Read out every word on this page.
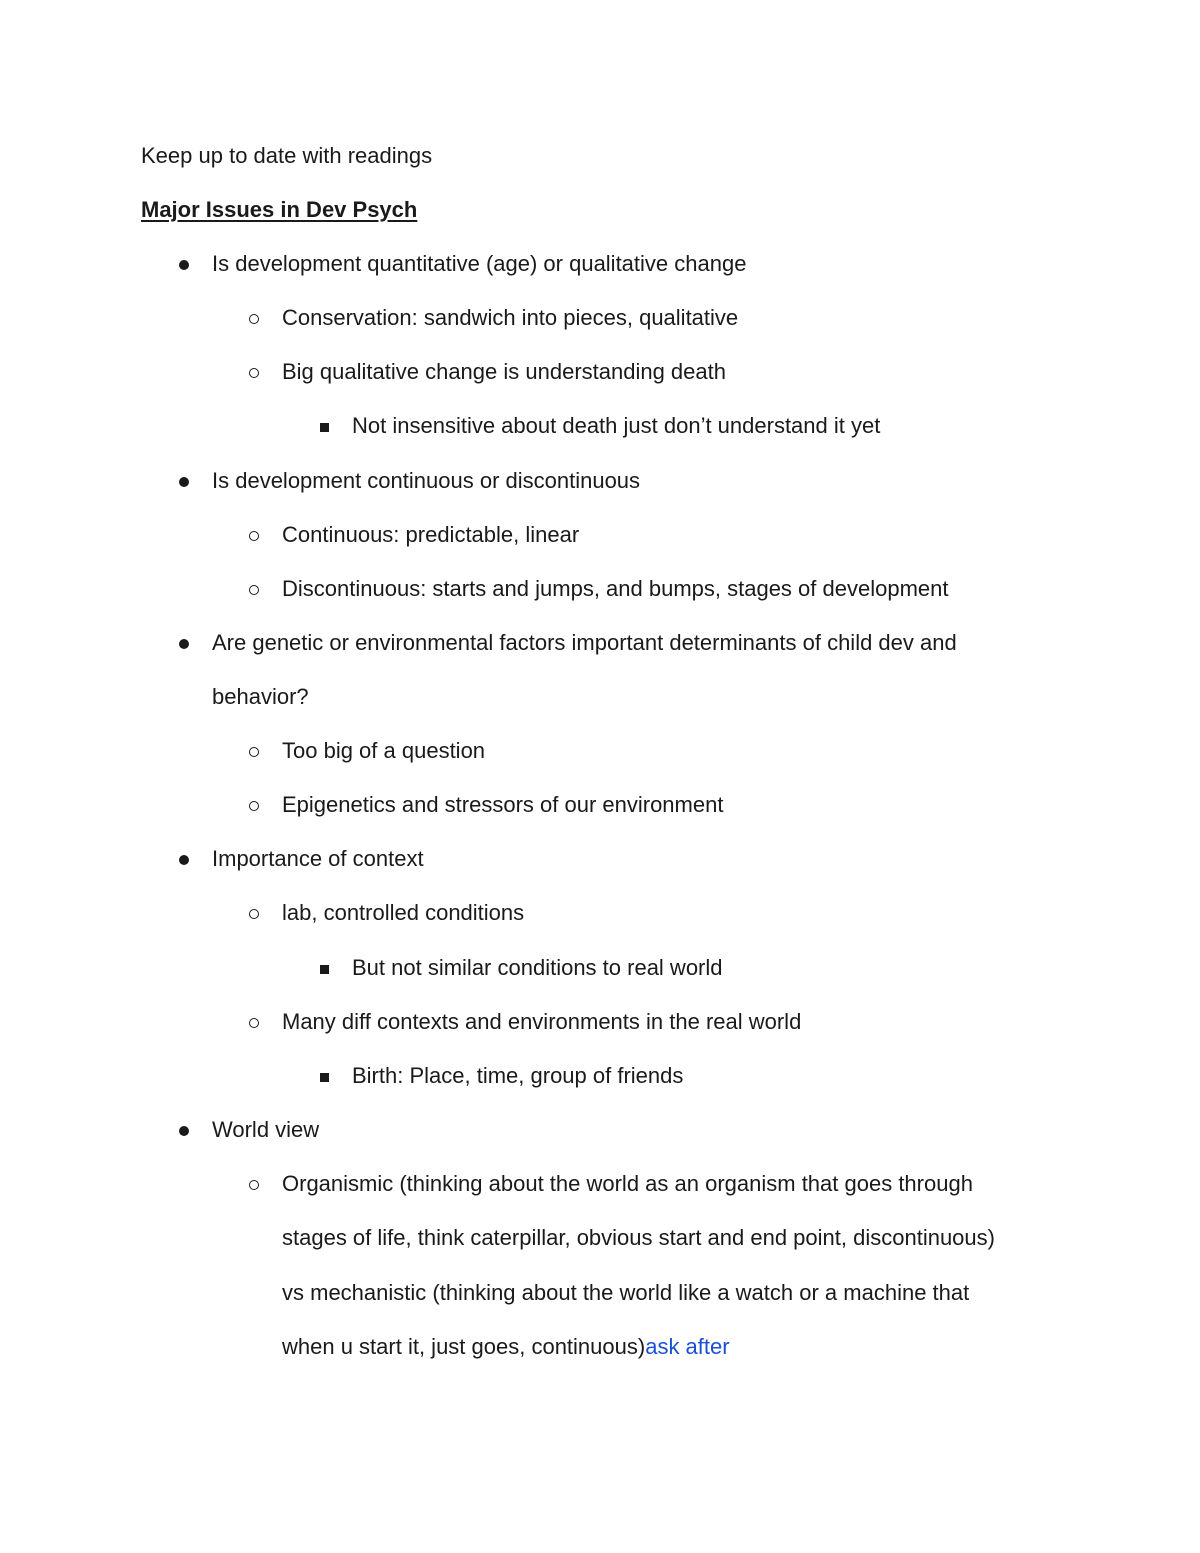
Keep up to date with readings
Major Issues in Dev Psych
Is development quantitative (age) or qualitative change
Conservation: sandwich into pieces, qualitative
Big qualitative change is understanding death
Not insensitive about death just don’t understand it yet
Is development continuous or discontinuous
Continuous: predictable, linear
Discontinuous: starts and jumps, and bumps, stages of development
Are genetic or environmental factors important determinants of child dev and
behavior?
Too big of a question
Epigenetics and stressors of our environment
Importance of context
lab, controlled conditions
But not similar conditions to real world
Many diff contexts and environments in the real world
Birth: Place, time, group of friends
World view
Organismic (thinking about the world as an organism that goes through
stages of life, think caterpillar, obvious start and end point, discontinuous)
vs mechanistic (thinking about the world like a watch or a machine that
when u start it, just goes, continuous)ask after
